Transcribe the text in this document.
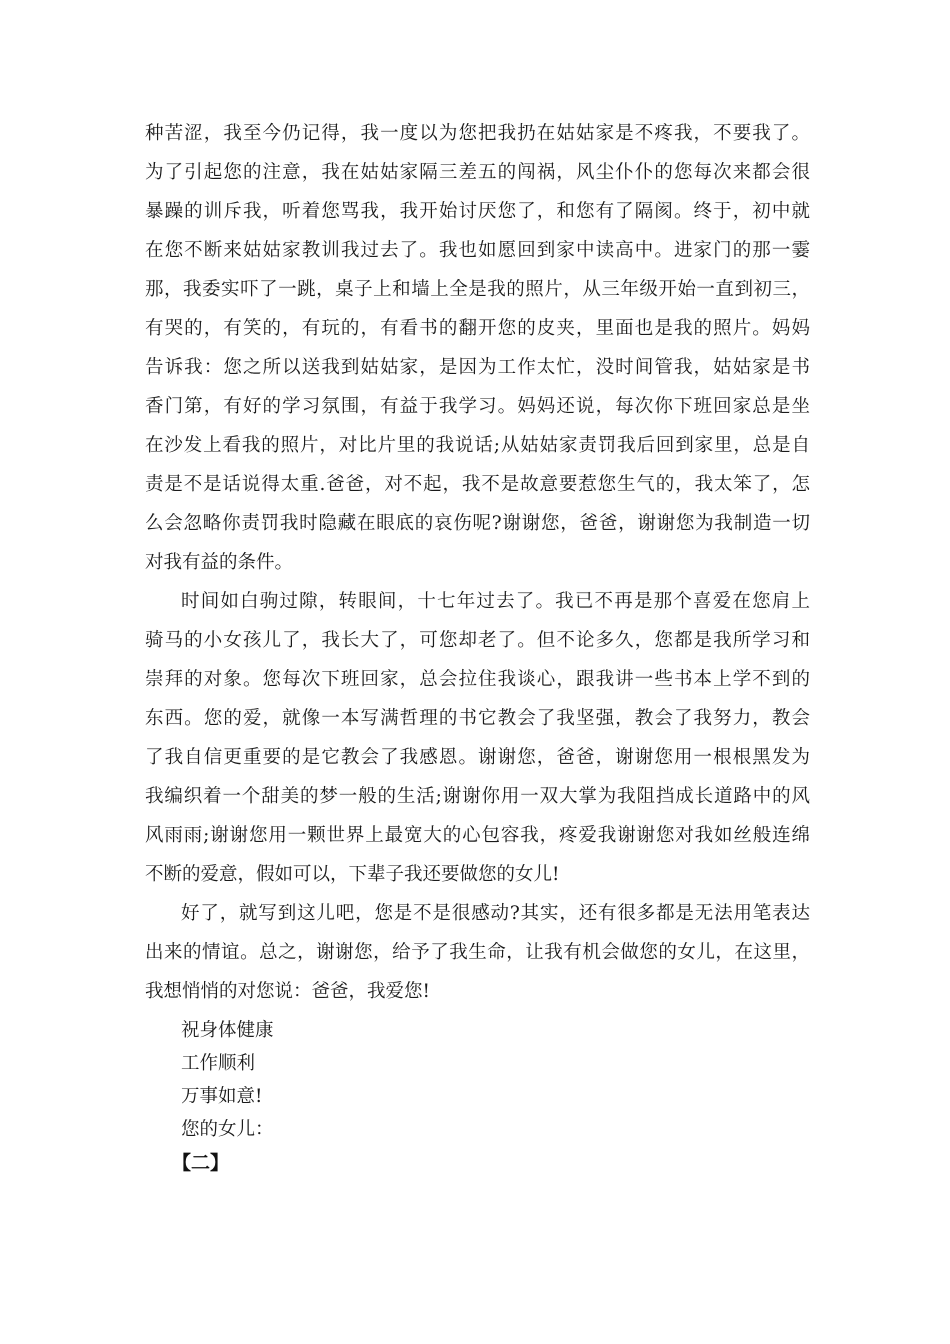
种苦涩，我至今仍记得，我一度以为您把我扔在姑姑家是不疼我，不要我了。
为了引起您的注意，我在姑姑家隔三差五的闯祸，风尘仆仆的您每次来都会很
暴躁的训斥我，听着您骂我，我开始讨厌您了，和您有了隔阂。终于，初中就
在您不断来姑姑家教训我过去了。我也如愿回到家中读高中。进家门的那一霎
那，我委实吓了一跳，桌子上和墙上全是我的照片，从三年级开始一直到初三，
有哭的，有笑的，有玩的，有看书的翻开您的皮夹，里面也是我的照片。妈妈
告诉我：您之所以送我到姑姑家，是因为工作太忙，没时间管我，姑姑家是书
香门第，有好的学习氛围，有益于我学习。妈妈还说，每次你下班回家总是坐
在沙发上看我的照片，对比片里的我说话;从姑姑家责罚我后回到家里，总是自
责是不是话说得太重.爸爸，对不起，我不是故意要惹您生气的，我太笨了，怎
么会忽略你责罚我时隐藏在眼底的哀伤呢?谢谢您，爸爸，谢谢您为我制造一切
对我有益的条件。
时间如白驹过隙，转眼间，十七年过去了。我已不再是那个喜爱在您肩上
骑马的小女孩儿了，我长大了，可您却老了。但不论多久，您都是我所学习和
崇拜的对象。您每次下班回家，总会拉住我谈心，跟我讲一些书本上学不到的
东西。您的爱，就像一本写满哲理的书它教会了我坚强，教会了我努力，教会
了我自信更重要的是它教会了我感恩。谢谢您，爸爸，谢谢您用一根根黑发为
我编织着一个甜美的梦一般的生活;谢谢你用一双大掌为我阻挡成长道路中的风
风雨雨;谢谢您用一颗世界上最宽大的心包容我，疼爱我谢谢您对我如丝般连绵
不断的爱意，假如可以，下辈子我还要做您的女儿!
好了，就写到这儿吧，您是不是很感动?其实，还有很多都是无法用笔表达
出来的情谊。总之，谢谢您，给予了我生命，让我有机会做您的女儿，在这里，
我想悄悄的对您说：爸爸，我爱您!
祝身体健康
工作顺利
万事如意!
您的女儿：
【二】
